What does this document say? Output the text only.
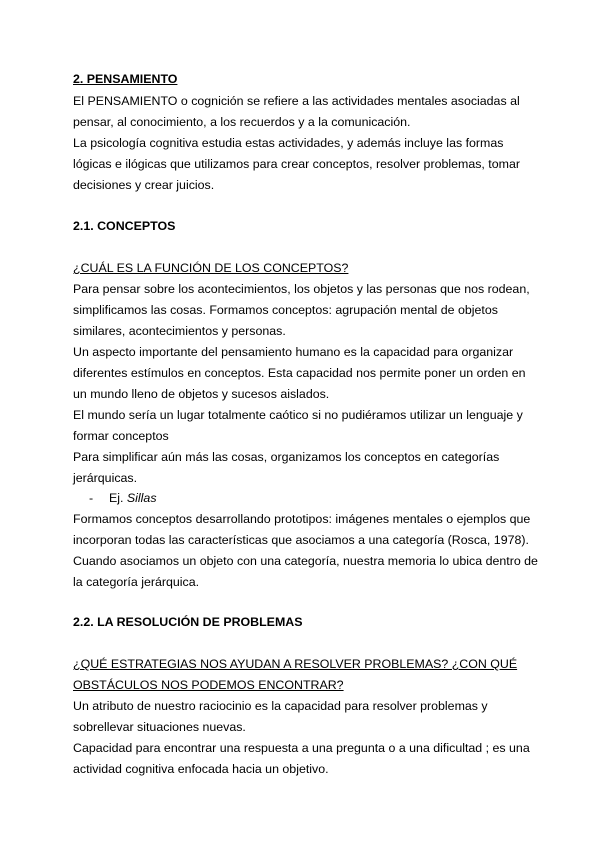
2. PENSAMIENTO
El PENSAMIENTO o cognición se refiere a las actividades mentales asociadas al
pensar, al conocimiento, a los recuerdos y a la comunicación.
La psicología cognitiva estudia estas actividades, y además incluye las formas
lógicas e ilógicas que utilizamos para crear conceptos, resolver problemas, tomar
decisiones y crear juicios.
2.1. CONCEPTOS
¿CUÁL ES LA FUNCIÓN DE LOS CONCEPTOS?
Para pensar sobre los acontecimientos, los objetos y las personas que nos rodean,
simplificamos las cosas. Formamos conceptos: agrupación mental de objetos
similares, acontecimientos y personas.
Un aspecto importante del pensamiento humano es la capacidad para organizar
diferentes estímulos en conceptos. Esta capacidad nos permite poner un orden en
un mundo lleno de objetos y sucesos aislados.
El mundo sería un lugar totalmente caótico si no pudiéramos utilizar un lenguaje y
formar conceptos
Para simplificar aún más las cosas, organizamos los conceptos en categorías
jerárquicas.
- Ej. Sillas
Formamos conceptos desarrollando prototipos: imágenes mentales o ejemplos que
incorporan todas las características que asociamos a una categoría (Rosca, 1978).
Cuando asociamos un objeto con una categoría, nuestra memoria lo ubica dentro de
la categoría jerárquica.
2.2. LA RESOLUCIÓN DE PROBLEMAS
¿QUÉ ESTRATEGIAS NOS AYUDAN A RESOLVER PROBLEMAS? ¿CON QUÉ
OBSTÁCULOS NOS PODEMOS ENCONTRAR?
Un atributo de nuestro raciocinio es la capacidad para resolver problemas y
sobrellevar situaciones nuevas.
Capacidad para encontrar una respuesta a una pregunta o a una dificultad ; es una
actividad cognitiva enfocada hacia un objetivo.
